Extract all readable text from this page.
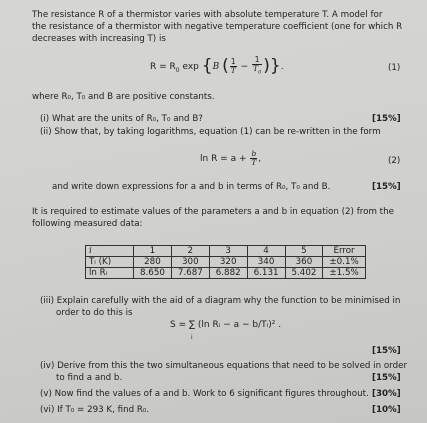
The resistance R of a thermistor varies with absolute temperature T. A model for
the resistance of a thermistor with negative temperature coefficient (one for which R
decreases with increasing T) is
$R = R_0$ exp {B ( $\frac{1}{T} - \frac{1}{T_0}$ )}.	(1)
where R₀, T₀ and B are positive constants.
(i) What are the units of R₀, T₀ and B?	[15%]
(ii) Show that, by taking logarithms, equation (1) can be re-written in the form
$\ln R = a + \frac{b}{T}$ ,	(2)
and write down expressions for a and b in terms of R₀, T₀ and B.	[15%]
It is required to estimate values of the parameters a and b in equation (2) from the
following measured data:
i	1	2	3	4	5	Error
Tᵢ (K)	280	300	320	340	360	±0.1%
ln Rᵢ	8.650	7.687	6.882	6.131	5.402	±1.5%
(iii) Explain carefully with the aid of a diagram why the function to be minimised in
order to do this is
S = ∑ (ln Rᵢ − a − b/Tᵢ)² .
i
[15%]
(iv) Derive from this the two simultaneous equations that need to be solved in order
to find a and b.	[15%]
(v) Now find the values of a and b. Work to 6 significant figures throughout. [30%]
(vi) If T₀ = 293 K, find R₀.	[10%]
